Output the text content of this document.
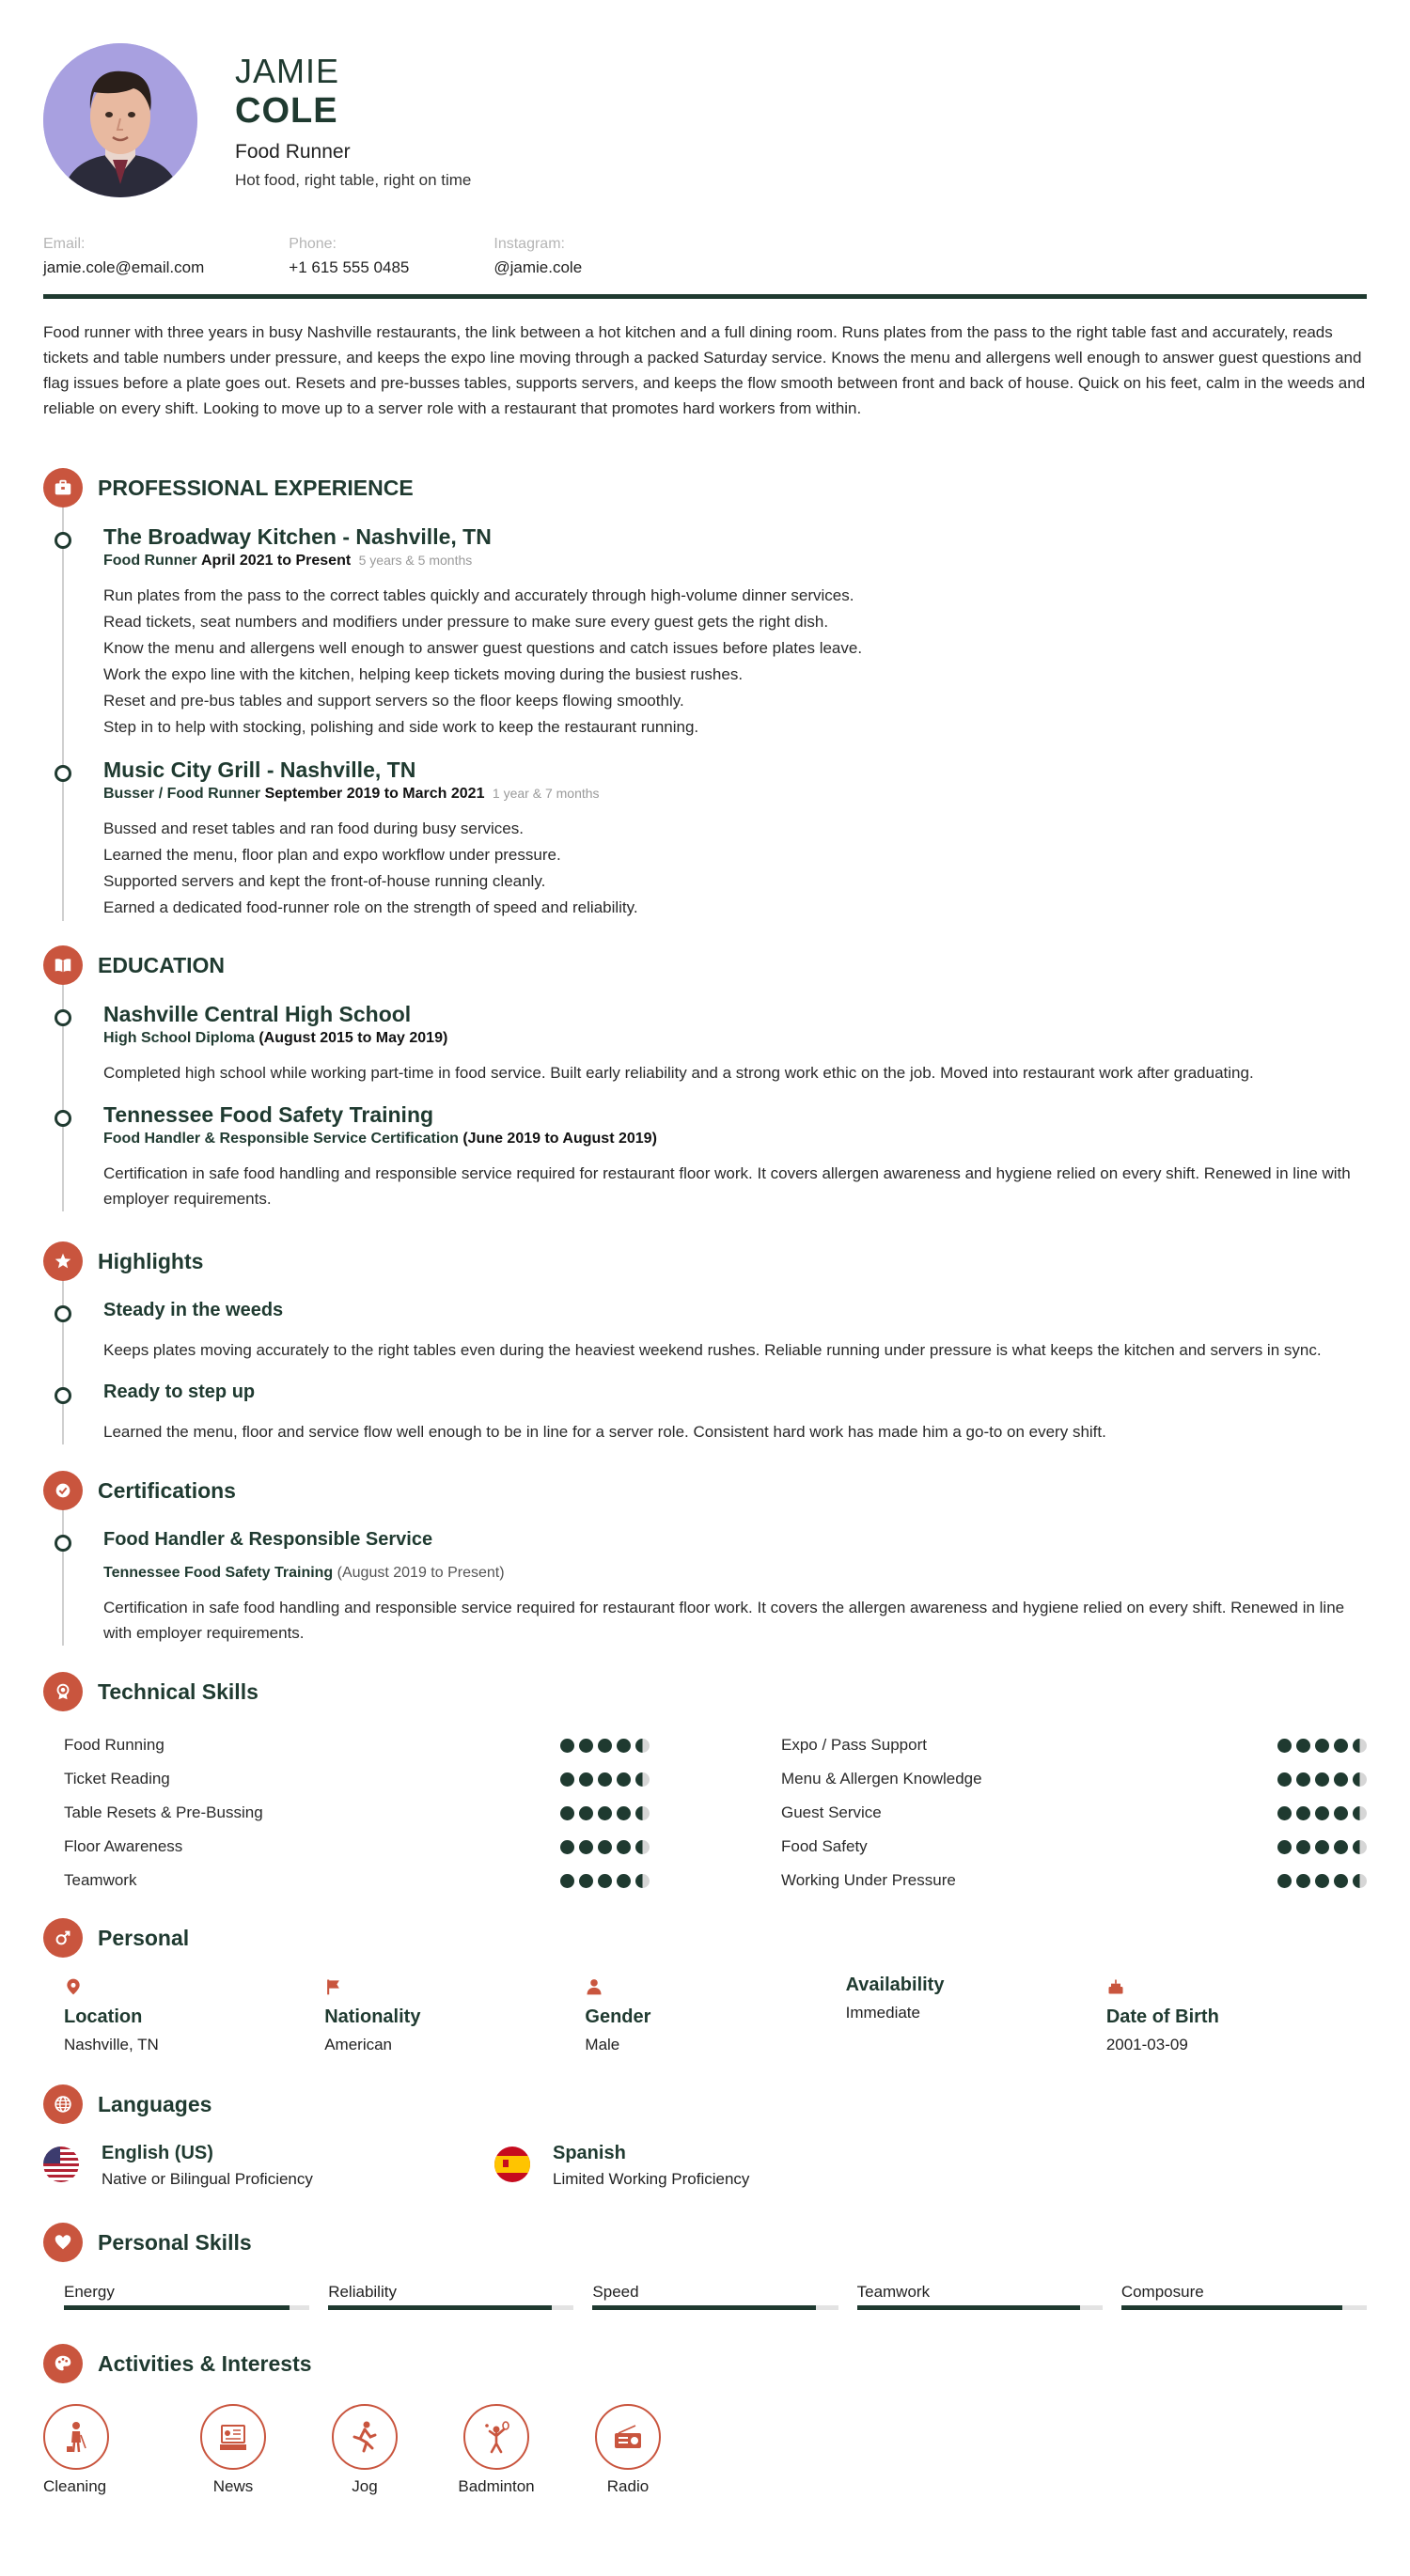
JAMIE
COLE
Food Runner
Hot food, right table, right on time
Email:
jamie.cole@email.com
Phone:
+1 615 555 0485
Instagram:
@jamie.cole

Food runner with three years in busy Nashville restaurants, the link between a hot kitchen and a full dining room. Runs plates from the pass to the right table fast and accurately, reads tickets and table numbers under pressure, and keeps the expo line moving through a packed Saturday service. Knows the menu and allergens well enough to answer guest questions and flag issues before a plate goes out. Resets and pre-busses tables, supports servers, and keeps the flow smooth between front and back of house. Quick on his feet, calm in the weeds and reliable on every shift. Looking to move up to a server role with a restaurant that promotes hard workers from within.

PROFESSIONAL EXPERIENCE
The Broadway Kitchen - Nashville, TN
Food Runner April 2021 to Present 5 years & 5 months
Run plates from the pass to the correct tables quickly and accurately through high-volume dinner services.
Read tickets, seat numbers and modifiers under pressure to make sure every guest gets the right dish.
Know the menu and allergens well enough to answer guest questions and catch issues before plates leave.
Work the expo line with the kitchen, helping keep tickets moving during the busiest rushes.
Reset and pre-bus tables and support servers so the floor keeps flowing smoothly.
Step in to help with stocking, polishing and side work to keep the restaurant running.
Music City Grill - Nashville, TN
Busser / Food Runner September 2019 to March 2021 1 year & 7 months
Bussed and reset tables and ran food during busy services.
Learned the menu, floor plan and expo workflow under pressure.
Supported servers and kept the front-of-house running cleanly.
Earned a dedicated food-runner role on the strength of speed and reliability.
EDUCATION
Nashville Central High School
High School Diploma (August 2015 to May 2019)

Completed high school while working part-time in food service. Built early reliability and a strong work ethic on the job. Moved into restaurant work after graduating.

Tennessee Food Safety Training
Food Handler & Responsible Service Certification (June 2019 to August 2019)

Certification in safe food handling and responsible service required for restaurant floor work. It covers allergen awareness and hygiene relied on every shift. Renewed in line with employer requirements.

Highlights
Steady in the weeds

Keeps plates moving accurately to the right tables even during the heaviest weekend rushes. Reliable running under pressure is what keeps the kitchen and servers in sync.

Ready to step up

Learned the menu, floor and service flow well enough to be in line for a server role. Consistent hard work has made him a go-to on every shift.

Certifications
Food Handler & Responsible Service
Tennessee Food Safety Training (August 2019 to Present)

Certification in safe food handling and responsible service required for restaurant floor work. It covers the allergen awareness and hygiene relied on every shift. Renewed in line with employer requirements.

Technical Skills
Food Running	Expo / Pass Support
Ticket Reading	Menu & Allergen Knowledge
Table Resets & Pre-Bussing	Guest Service
Floor Awareness	Food Safety
Teamwork	Working Under Pressure
Personal
Location
Nashville, TN
Nationality
American
Gender
Male
Availability
Immediate	Date of Birth
2001-03-09
Languages
English (US)
Native or Bilingual Proficiency
Spanish
Limited Working Proficiency
Personal Skills
Energy	Reliability	Speed	Teamwork	Composure
Activities & Interests
Cleaning	News	Jog	Badminton	Radio
